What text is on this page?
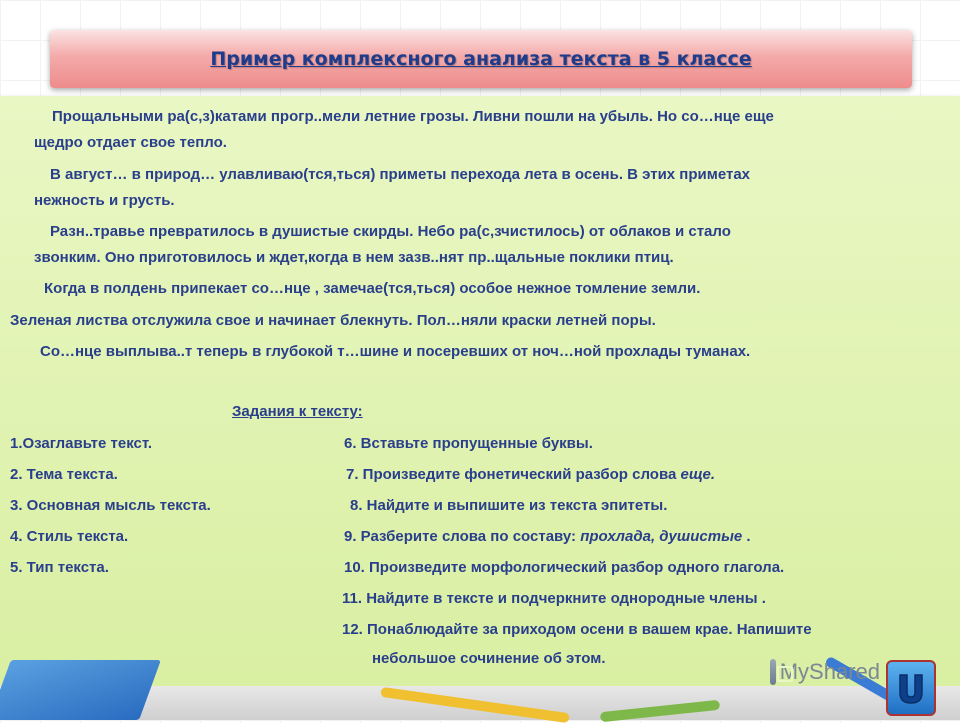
Пример комплексного анализа текста в 5 классе

Прощальными ра(с,з)катами прогр..мели летние грозы. Ливни пошли на убыль. Но со…нце еще

щедро отдает свое тепло.

В август… в природ… улавливаю(тся,ться) приметы перехода лета в осень. В этих приметах

нежность и грусть.

Разн..травье превратилось в душистые скирды. Небо ра(с,зчистилось) от облаков и стало

звонким. Оно приготовилось и ждет,когда в нем зазв..нят пр..щальные поклики птиц.

Когда в полдень припекает со…нце , замечае(тся,ться) особое нежное томление земли.

Зеленая листва отслужила свое и начинает блекнуть. Пол…няли краски летней поры.

Со…нце выплыва..т теперь в глубокой т…шине и посеревших от ноч…ной прохлады туманах.

Задания к тексту:

1.Озаглавьте текст.

2. Тема текста.

3. Основная мысль текста.

4. Стиль текста.

5. Тип текста.

6. Вставьте пропущенные буквы.

7. Произведите фонетический разбор слова еще.

8. Найдите и выпишите из текста эпитеты.

9. Разберите слова по составу: прохлада, душистые .

10. Произведите морфологический разбор одного глагола.

11. Найдите в тексте и подчеркните однородные члены .

12. Понаблюдайте за приходом осени в вашем крае. Напишите

небольшое сочинение об этом.

MyShared
